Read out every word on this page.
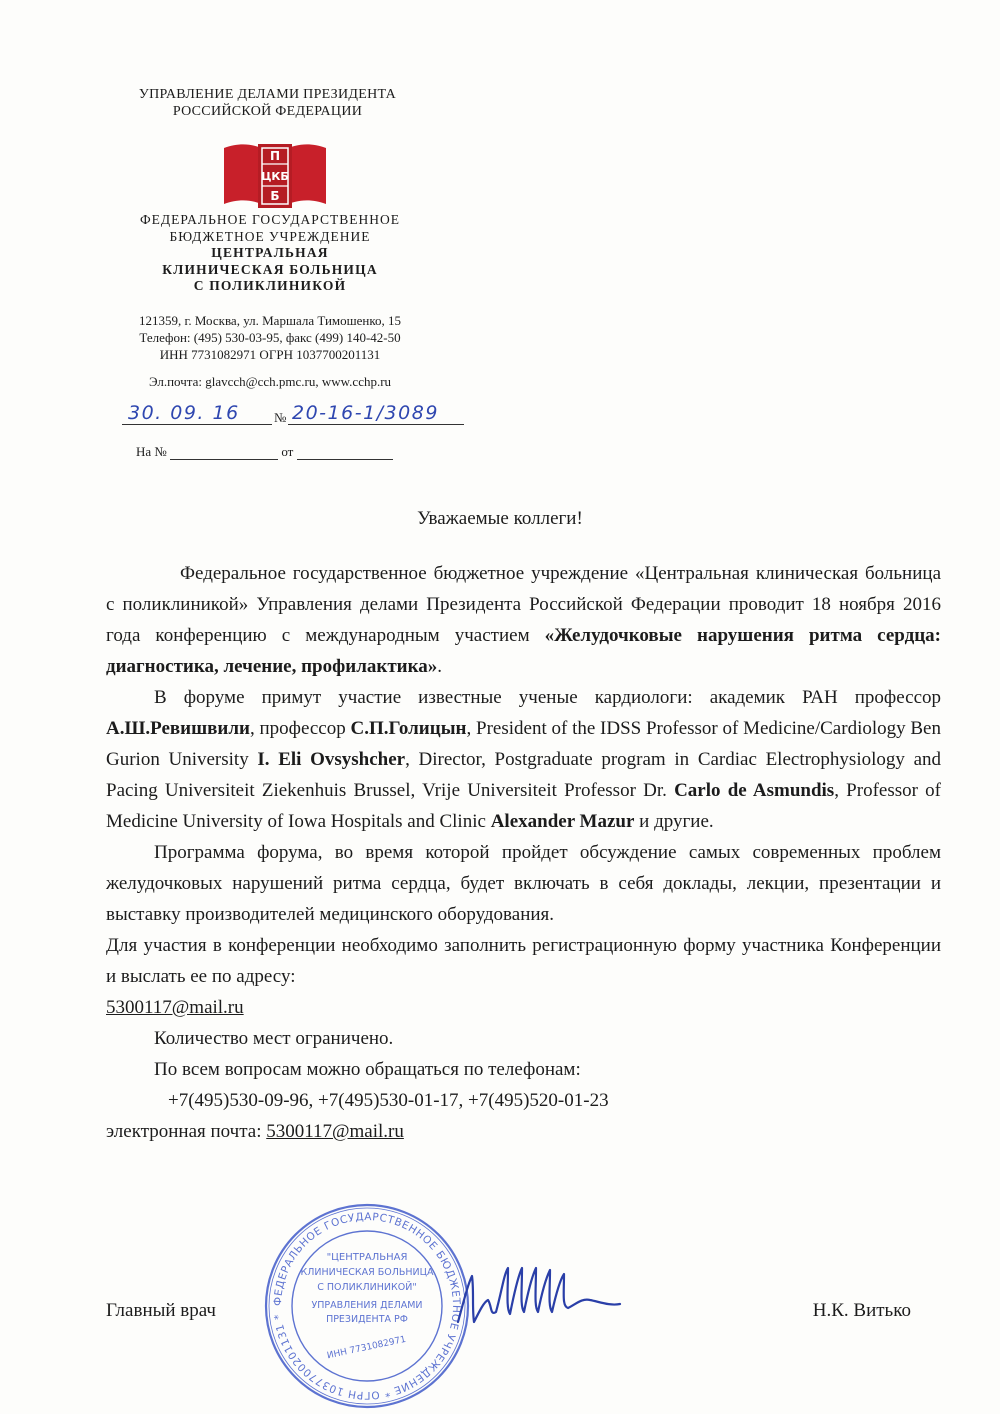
УПРАВЛЕНИЕ ДЕЛАМИ ПРЕЗИДЕНТА
РОССИЙСКОЙ ФЕДЕРАЦИИ
П
ЦКБ
Б
ФЕДЕРАЛЬНОЕ ГОСУДАРСТВЕННОЕ
БЮДЖЕТНОЕ УЧРЕЖДЕНИЕ
ЦЕНТРАЛЬНАЯ
КЛИНИЧЕСКАЯ БОЛЬНИЦА
С ПОЛИКЛИНИКОЙ
121359, г. Москва, ул. Маршала Тимошенко, 15
Телефон: (495) 530-03-95, факс (499) 140-42-50
ИНН 7731082971 ОГРН 1037700201131
Эл.почта: glavcch@cch.pmc.ru, www.cchp.ru
30. 09. 16	№ 20-16-1/3089
На №	от
Уважаемые коллеги!

Федеральное государственное бюджетное учреждение «Центральная клиническая больница с поликлиникой» Управления делами Президента Российской Федерации проводит 18 ноября 2016 года конференцию с международным участием «Желудочковые нарушения ритма сердца: диагностика, лечение, профилактика».

В форуме примут участие известные ученые кардиологи: академик РАН профессор А.Ш.Ревишвили, профессор С.П.Голицын, President of the IDSS Professor of Medicine/Cardiology Ben Gurion University I. Eli Ovsyshcher, Director, Postgraduate program in Cardiac Electrophysiology and Pacing Universiteit Ziekenhuis Brussel, Vrije Universiteit Professor Dr. Carlo de Asmundis, Professor of Medicine University of Iowa Hospitals and Clinic Alexander Mazur и другие.

Программа форума, во время которой пройдет обсуждение самых современных проблем желудочковых нарушений ритма сердца, будет включать в себя доклады, лекции, презентации и выставку производителей медицинского оборудования.

Для участия в конференции необходимо заполнить регистрационную форму участника Конференции и выслать ее по адресу:

5300117@mail.ru

Количество мест ограничено.

По всем вопросам можно обращаться по телефонам:

+7(495)530-09-96, +7(495)530-01-17, +7(495)520-01-23

электронная почта: 5300117@mail.ru

ФЕДЕРАЛЬНОЕ ГОСУДАРСТВЕННОЕ БЮДЖЕТНОЕ УЧРЕЖДЕНИЕ * ОГРН 1037700201131 *
"ЦЕНТРАЛЬНАЯ
КЛИНИЧЕСКАЯ БОЛЬНИЦА
С ПОЛИКЛИНИКОЙ"
УПРАВЛЕНИЯ ДЕЛАМИ
ПРЕЗИДЕНТА РФ
ИНН 7731082971
Главный врач	Н.К. Витько
